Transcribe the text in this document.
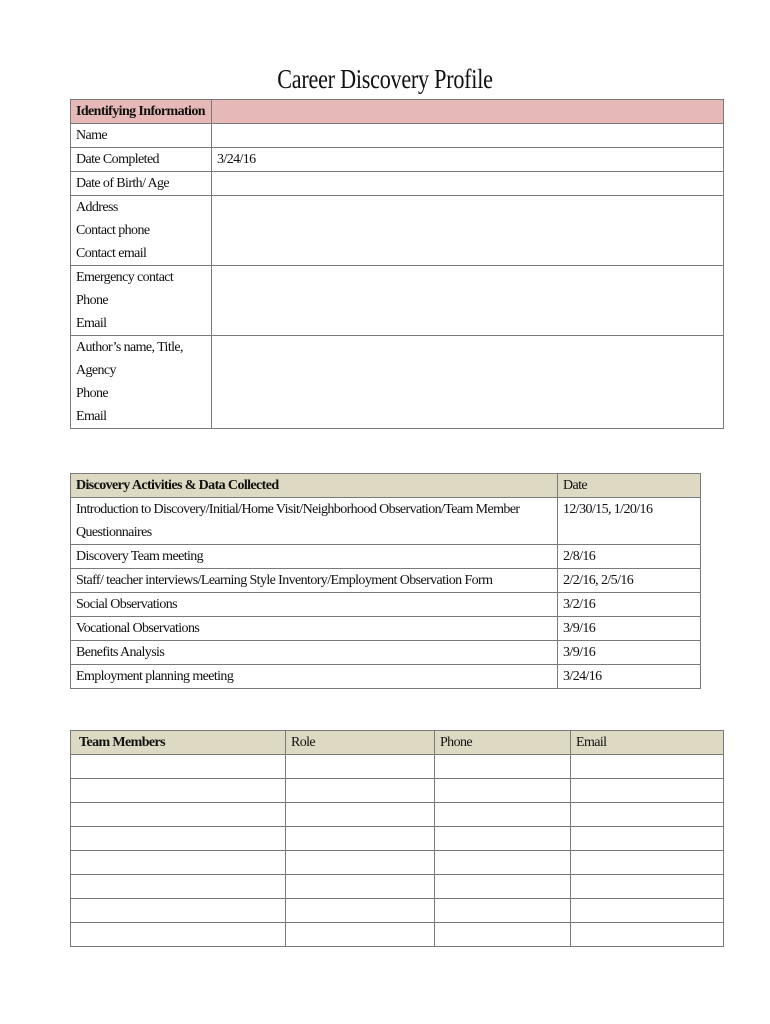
Career Discovery Profile
Identifying Information	
Name	
Date Completed	3/24/16
Date of Birth/ Age	

Address
Contact phone
Contact email	

Emergency contact
Phone
Email	

Author’s name, Title,
Agency
Phone
Email	

Discovery Activities & Data Collected	Date

Introduction to Discovery/Initial/Home Visit/Neighborhood Observation/Team Member
Questionnaires	12/30/15, 1/20/16

Discovery Team meeting	2/8/16

Staff/ teacher interviews/Learning Style Inventory/Employment Observation Form	2/2/16, 2/5/16

Social Observations	3/2/16

Vocational Observations	3/9/16

Benefits Analysis	3/9/16

Employment planning meeting	3/24/16
Team Members	Role	Phone	Email
